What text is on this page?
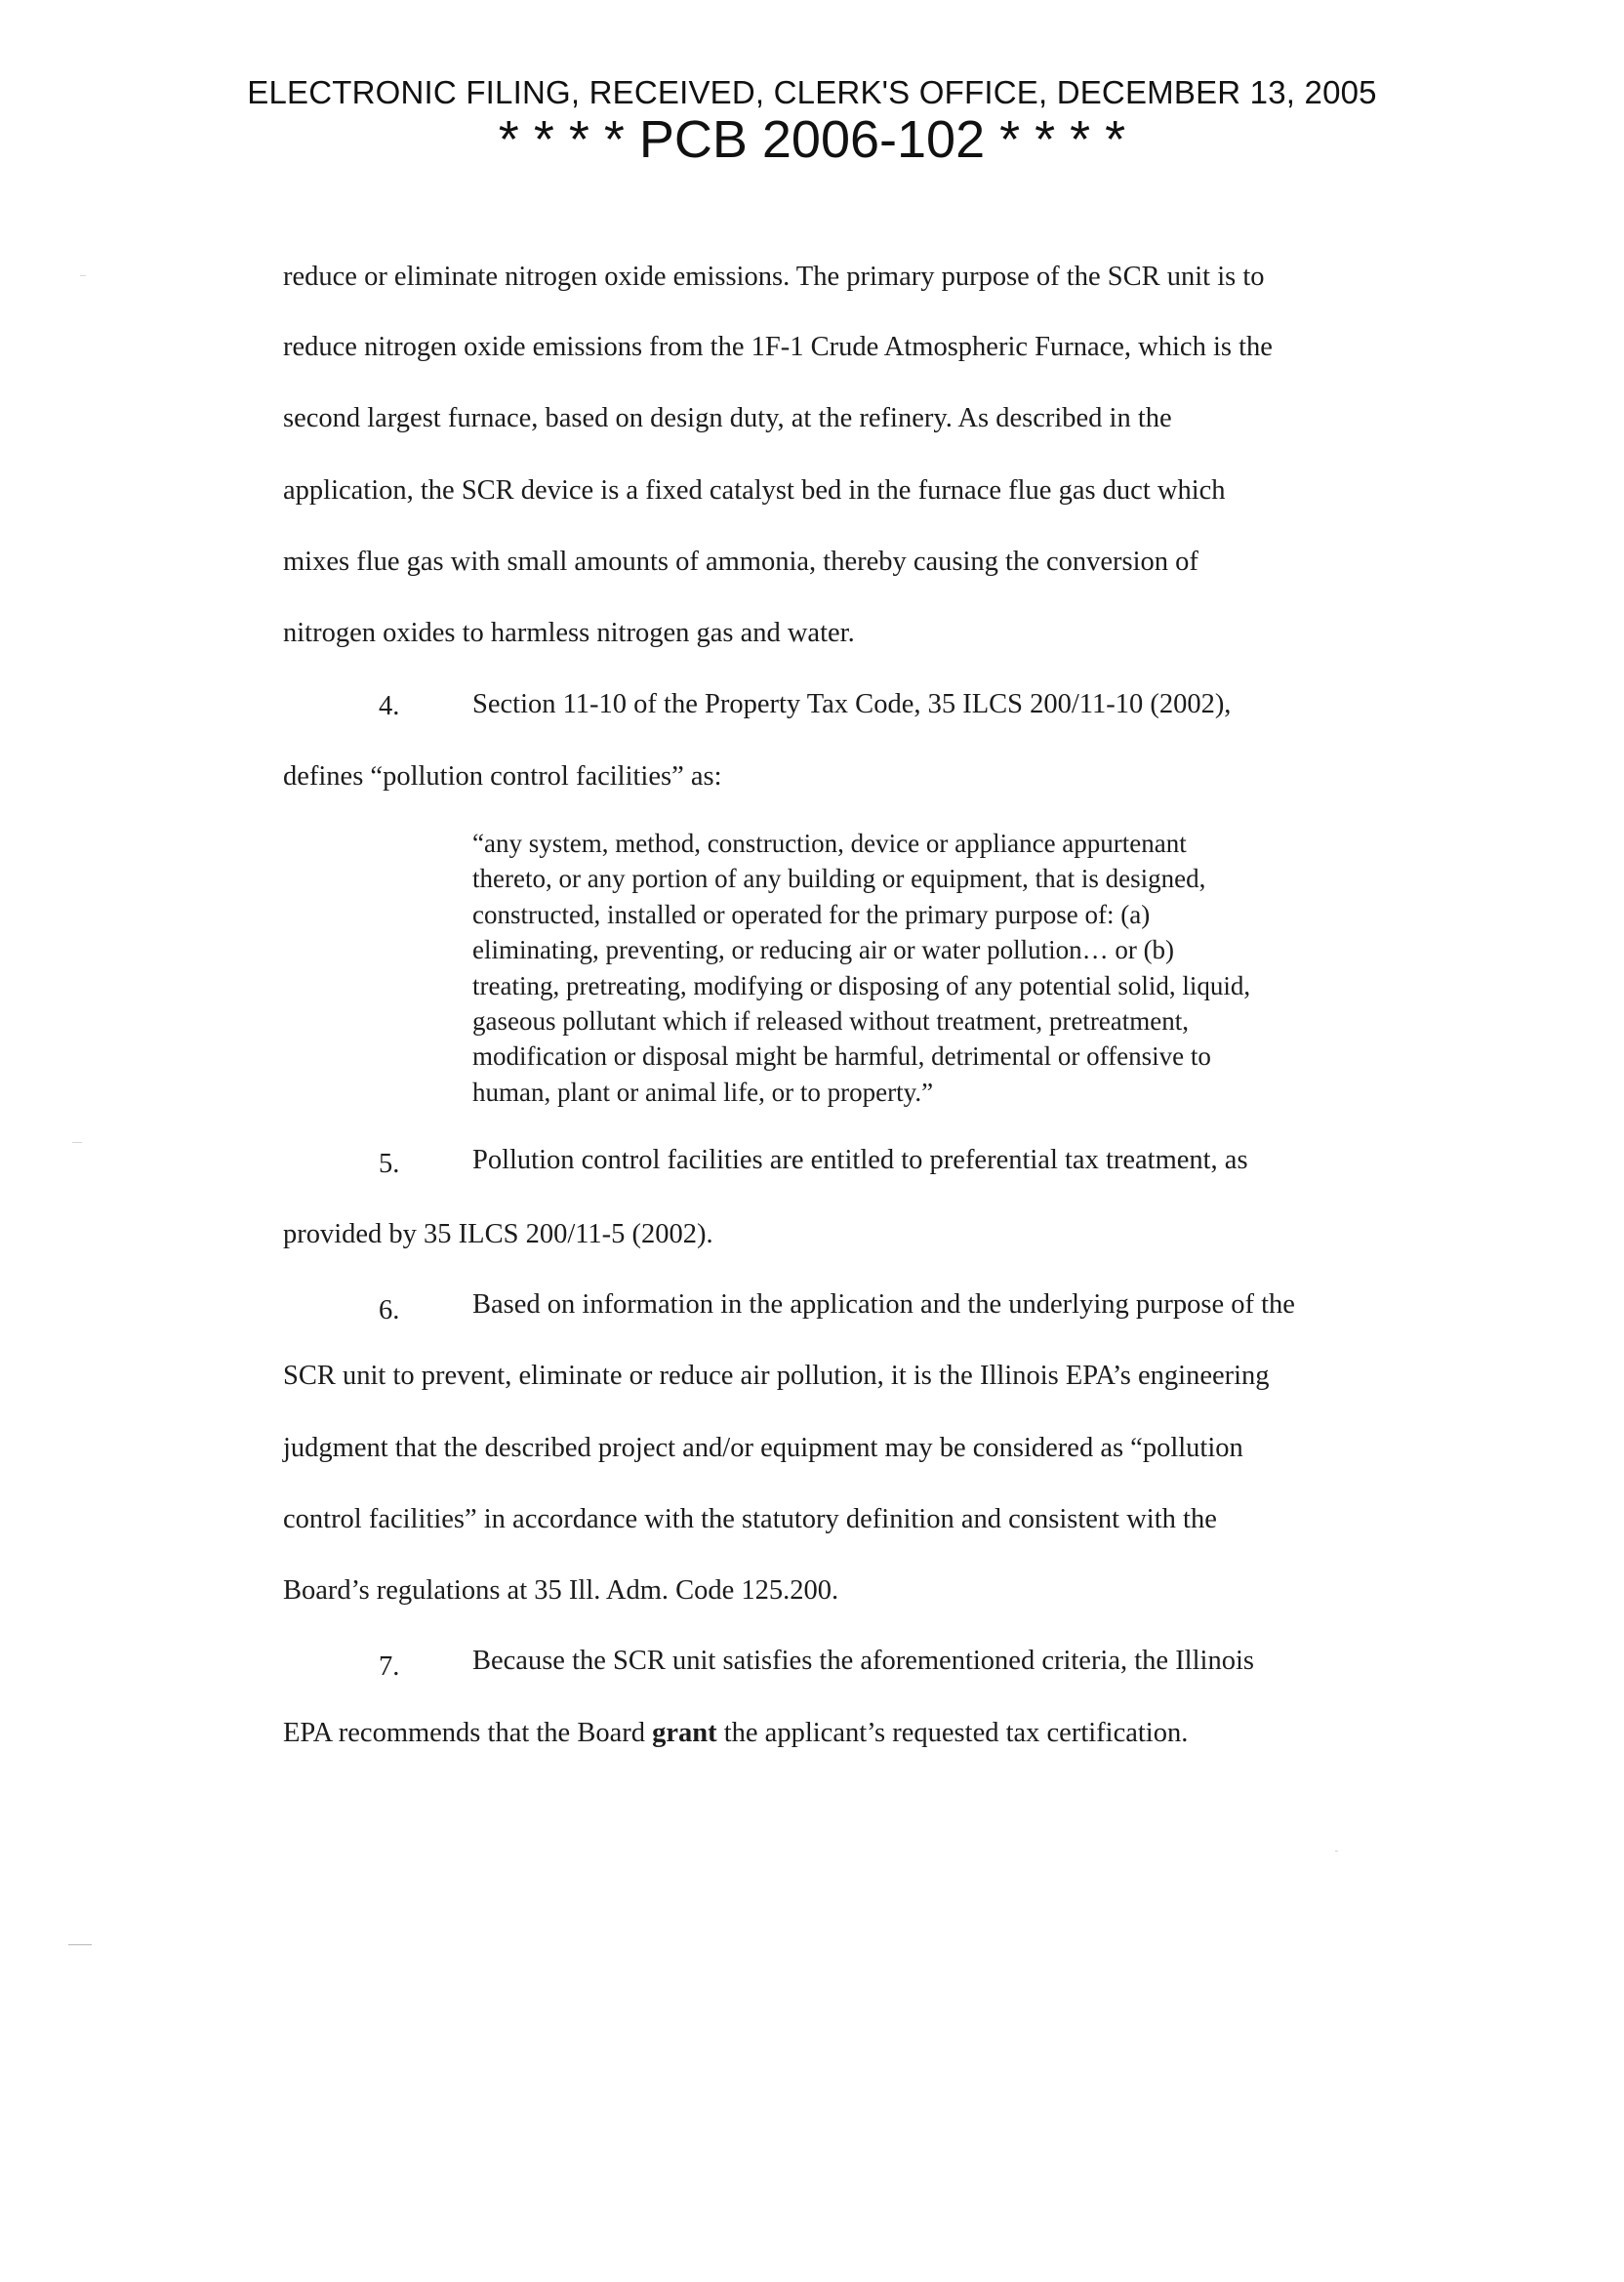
ELECTRONIC FILING, RECEIVED, CLERK'S OFFICE, DECEMBER 13, 2005
* * * * PCB 2006-102 * * * *
reduce or eliminate nitrogen oxide emissions. The primary purpose of the SCR unit is to
reduce nitrogen oxide emissions from the 1F-1 Crude Atmospheric Furnace, which is the
second largest furnace, based on design duty, at the refinery. As described in the
application, the SCR device is a fixed catalyst bed in the furnace flue gas duct which
mixes flue gas with small amounts of ammonia, thereby causing the conversion of
nitrogen oxides to harmless nitrogen gas and water.
4.	Section 11-10 of the Property Tax Code, 35 ILCS 200/11-10 (2002),
defines “pollution control facilities” as:
“any system, method, construction, device or appliance appurtenant
thereto, or any portion of any building or equipment, that is designed,
constructed, installed or operated for the primary purpose of: (a)
eliminating, preventing, or reducing air or water pollution… or (b)
treating, pretreating, modifying or disposing of any potential solid, liquid,
gaseous pollutant which if released without treatment, pretreatment,
modification or disposal might be harmful, detrimental or offensive to
human, plant or animal life, or to property.”
5.	Pollution control facilities are entitled to preferential tax treatment, as
provided by 35 ILCS 200/11-5 (2002).
6.	Based on information in the application and the underlying purpose of the
SCR unit to prevent, eliminate or reduce air pollution, it is the Illinois EPA’s engineering
judgment that the described project and/or equipment may be considered as “pollution
control facilities” in accordance with the statutory definition and consistent with the
Board’s regulations at 35 Ill. Adm. Code 125.200.
7.	Because the SCR unit satisfies the aforementioned criteria, the Illinois
EPA recommends that the Board grant the applicant’s requested tax certification.
